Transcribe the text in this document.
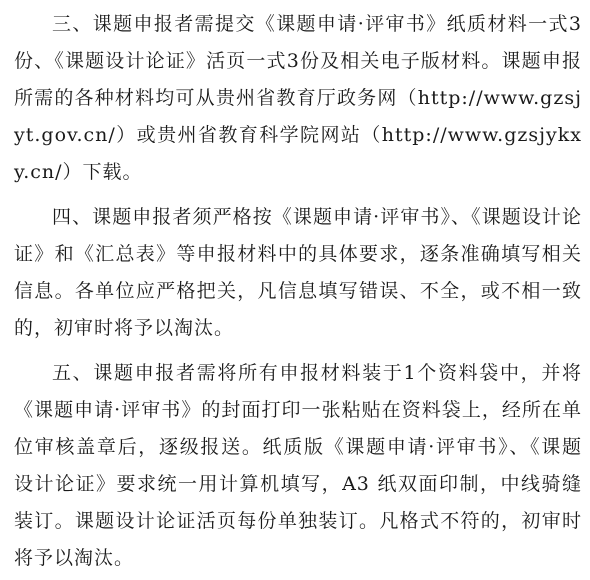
三、课题申报者需提交《课题申请·评审书》纸质材料一式3份、《课题设计论证》活页一式3份及相关电子版材料。课题申报所需的各种材料均可从贵州省教育厅政务网（http://www.gzsjyt.gov.cn/）或贵州省教育科学院网站（http://www.gzsjykxy.cn/）下载。

四、课题申报者须严格按《课题申请·评审书》、《课题设计论证》和《汇总表》等申报材料中的具体要求，逐条准确填写相关信息。各单位应严格把关，凡信息填写错误、不全，或不相一致的，初审时将予以淘汰。

五、课题申报者需将所有申报材料装于1个资料袋中，并将《课题申请·评审书》的封面打印一张粘贴在资料袋上，经所在单位审核盖章后，逐级报送。纸质版《课题申请·评审书》、《课题设计论证》要求统一用计算机填写，A3 纸双面印制，中线骑缝装订。课题设计论证活页每份单独装订。凡格式不符的，初审时将予以淘汰。
